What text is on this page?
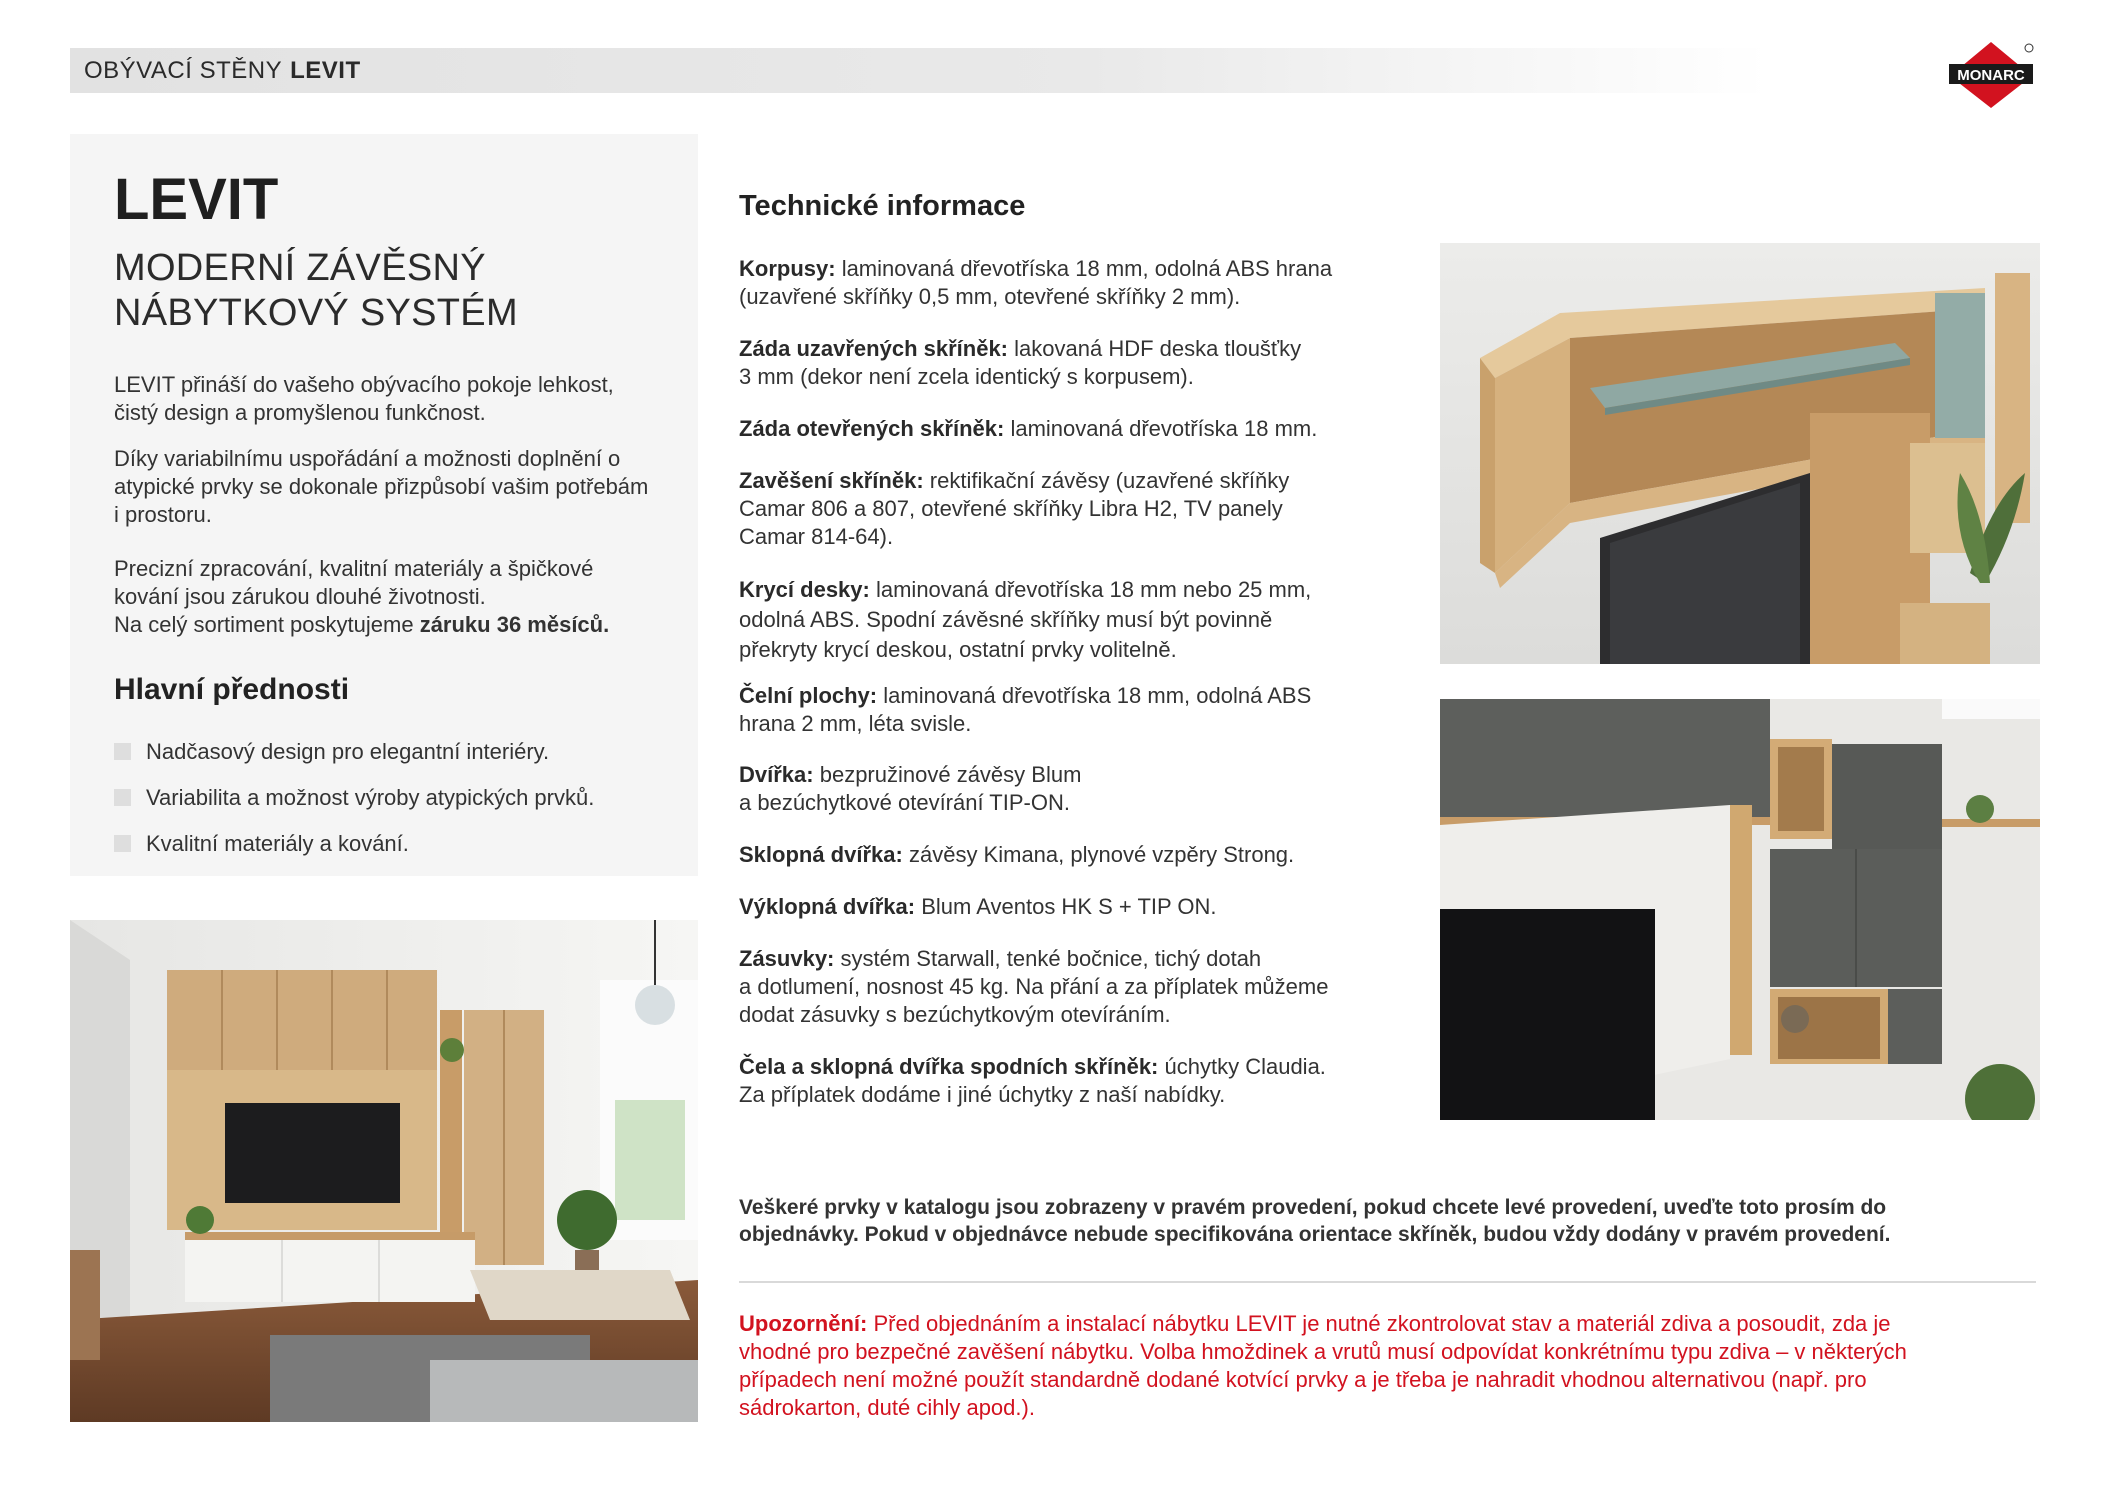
OBÝVACÍ STĚNY LEVIT	MONARC
LEVIT
MODERNÍ ZÁVĚSNÝ
NÁBYTKOVÝ SYSTÉM

LEVIT přináší do vašeho obývacího pokoje lehkost, čistý design a promyšlenou funkčnost.

Díky variabilnímu uspořádání a možnosti doplnění o atypické prvky se dokonale přizpůsobí vašim potřebám i prostoru.

Precizní zpracování, kvalitní materiály a špičkové kování jsou zárukou dlouhé životnosti.
Na celý sortiment poskytujeme záruku 36 měsíců.

Hlavní přednosti
Nadčasový design pro elegantní interiéry.
Variabilita a možnost výroby atypických prvků.
Kvalitní materiály a kování.
Technické informace
Korpusy: laminovaná dřevotříska 18 mm, odolná ABS hrana
(uzavřené skříňky 0,5 mm, otevřené skříňky 2 mm).
Záda uzavřených skříněk: lakovaná HDF deska tloušťky
3 mm (dekor není zcela identický s korpusem).
Záda otevřených skříněk: laminovaná dřevotříska 18 mm.
Zavěšení skříněk: rektifikační závěsy (uzavřené skříňky
Camar 806 a 807, otevřené skříňky Libra H2, TV panely
Camar 814-64).
Krycí desky: laminovaná dřevotříska 18 mm nebo 25 mm,
odolná ABS. Spodní závěsné skříňky musí být povinně
překryty krycí deskou, ostatní prvky volitelně.
Čelní plochy: laminovaná dřevotříska 18 mm, odolná ABS
hrana 2 mm, léta svisle.
Dvířka: bezpružinové závěsy Blum
a bezúchytkové otevírání TIP-ON.
Sklopná dvířka: závěsy Kimana, plynové vzpěry Strong.
Výklopná dvířka: Blum Aventos HK S + TIP ON.
Zásuvky: systém Starwall, tenké bočnice, tichý dotah
a dotlumení, nosnost 45 kg. Na přání a za příplatek můžeme
dodat zásuvky s bezúchytkovým otevíráním.
Čela a sklopná dvířka spodních skříněk: úchytky Claudia.
Za příplatek dodáme i jiné úchytky z naší nabídky.
Veškeré prvky v katalogu jsou zobrazeny v pravém provedení, pokud chcete levé provedení, uveďte toto prosím do
objednávky. Pokud v objednávce nebude specifikována orientace skříněk, budou vždy dodány v pravém provedení.
Upozornění: Před objednáním a instalací nábytku LEVIT je nutné zkontrolovat stav a materiál zdiva a posoudit, zda je
vhodné pro bezpečné zavěšení nábytku. Volba hmoždinek a vrutů musí odpovídat konkrétnímu typu zdiva – v některých
případech není možné použít standardně dodané kotvící prvky a je třeba je nahradit vhodnou alternativou (např. pro
sádrokarton, duté cihly apod.).
